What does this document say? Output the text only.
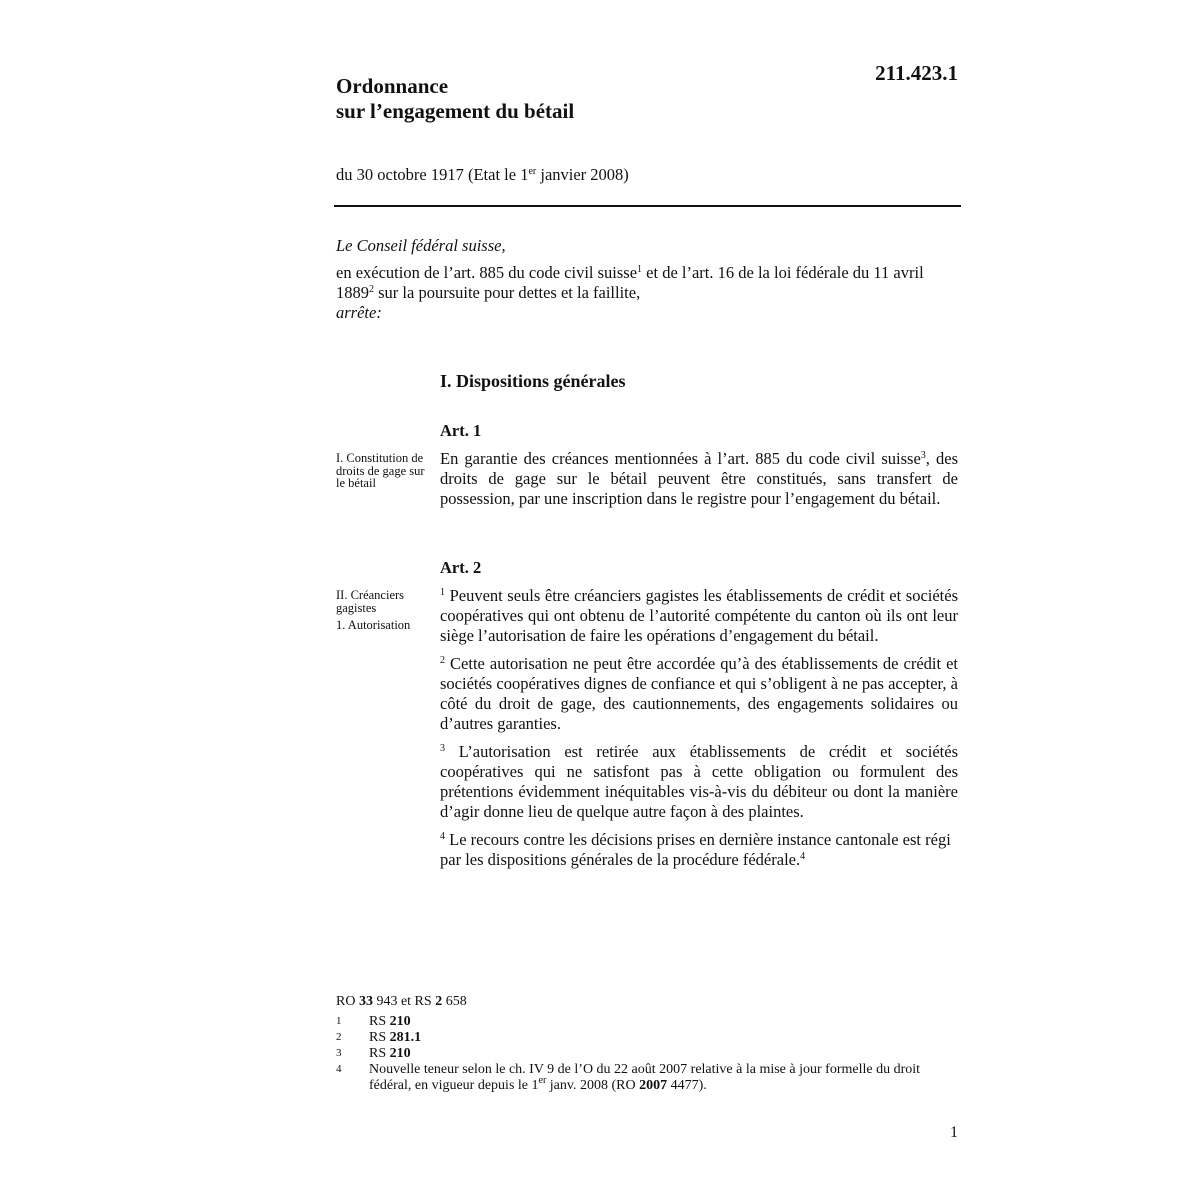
Ordonnance
sur l’engagement du bétail
211.423.1
du 30 octobre 1917 (Etat le 1er janvier 2008)

Le Conseil fédéral suisse,

en exécution de l’art. 885 du code civil suisse$^1$ et de l’art. 16 de la loi fédérale du 11 avril 1889$^2$ sur la poursuite pour dettes et la faillite,

arrête:

I. Dispositions générales
Art. 1

I. Constitution de droits de gage sur le bétail

En garantie des créances mentionnées à l’art. 885 du code civil suisse$^3$, des droits de gage sur le bétail peuvent être constitués, sans transfert de possession, par une inscription dans le registre pour l’engagement du bétail.

Art. 2

II. Créanciers gagistes

1. Autorisation

$^1$ Peuvent seuls être créanciers gagistes les établissements de crédit et sociétés coopératives qui ont obtenu de l’autorité compétente du canton où ils ont leur siège l’autorisation de faire les opérations d’engagement du bétail.

$^2$ Cette autorisation ne peut être accordée qu’à des établissements de crédit et sociétés coopératives dignes de confiance et qui s’obligent à ne pas accepter, à côté du droit de gage, des cautionnements, des engagements solidaires ou d’autres garanties.

$^3$ L’autorisation est retirée aux établissements de crédit et sociétés coopératives qui ne satisfont pas à cette obligation ou formulent des prétentions évidemment inéquitables vis-à-vis du débiteur ou dont la manière d’agir donne lieu de quelque autre façon à des plaintes.

$^4$ Le recours contre les décisions prises en dernière instance cantonale est régi par les dispositions générales de la procédure fédérale.$^4$

RO 33 943 et RS 2 658
1	RS 210
2	RS 281.1
3	RS 210
4	Nouvelle teneur selon le ch. IV 9 de l’O du 22 août 2007 relative à la mise à jour formelle du droit fédéral, en vigueur depuis le 1er janv. 2008 (RO 2007 4477).
1
